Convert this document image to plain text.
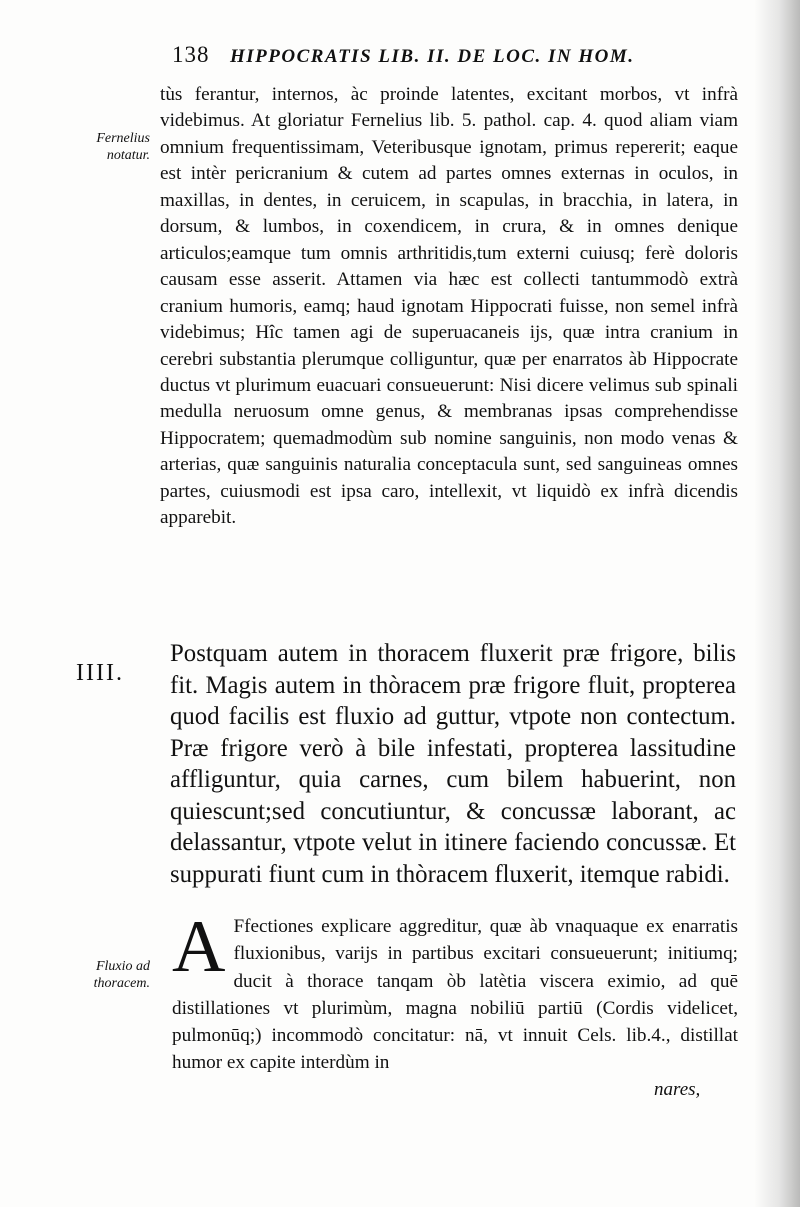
138 HIPPOCRATIS LIB. II. DE LOC. IN HOM.
Fernelius notatur.

tùs ferantur, internos, àc proinde latentes, excitant morbos, vt infrà videbimus. At gloriatur Fernelius lib. 5. pathol. cap. 4. quod aliam viam omnium frequentissimam, Veteribusque ignotam, primus repererit; eaque est intèr pericranium & cutem ad partes omnes externas in oculos, in maxillas, in dentes, in ceruicem, in scapulas, in bracchia, in latera, in dorsum, & lumbos, in coxendicem, in crura, & in omnes denique articulos;eamque tum omnis arthritidis,tum externi cuiusq; ferè doloris causam esse asserit. Attamen via hæc est collecti tantummodò extrà cranium humoris, eamq; haud ignotam Hippocrati fuisse, non semel infrà videbimus; Hîc tamen agi de superuacaneis ijs, quæ intra cranium in cerebri substantia plerumque colliguntur, quæ per enarratos àb Hippocrate ductus vt plurimum euacuari consueuerunt: Nisi dicere velimus sub spinali medulla neruosum omne genus, & membranas ipsas comprehendisse Hippocratem; quemadmodùm sub nomine sanguinis, non modo venas & arterias, quæ sanguinis naturalia conceptacula sunt, sed sanguineas omnes partes, cuiusmodi est ipsa caro, intellexit, vt liquidò ex infrà dicendis apparebit.

IIII.

Postquam autem in thoracem fluxerit præ frigore, bilis fit. Magis autem in thòracem præ frigore fluit, propterea quod facilis est fluxio ad guttur, vtpote non contectum. Præ frigore verò à bile infestati, propterea lassitudine affliguntur, quia carnes, cum bilem habuerint, non quiescunt;sed concutiuntur, & concussæ laborant, ac delassantur, vtpote velut in itinere faciendo concussæ. Et suppurati fiunt cum in thòracem fluxerit, itemque rabidi.

Fluxio ad thoracem. A Ffectiones explicare aggreditur, quæ àb vnaquaque ex enarratis fluxionibus, varijs in partibus excitari consueuerunt; initiumq; ducit à thorace tanqam òb latètia viscera eximio, ad quē distillationes vt plurimùm, magna nobiliū partiū (Cordis videlicet, pulmonūq;) incommodò concitatur: nā, vt innuit Cels. lib.4., distillat humor ex capite interdùm in

nares,
